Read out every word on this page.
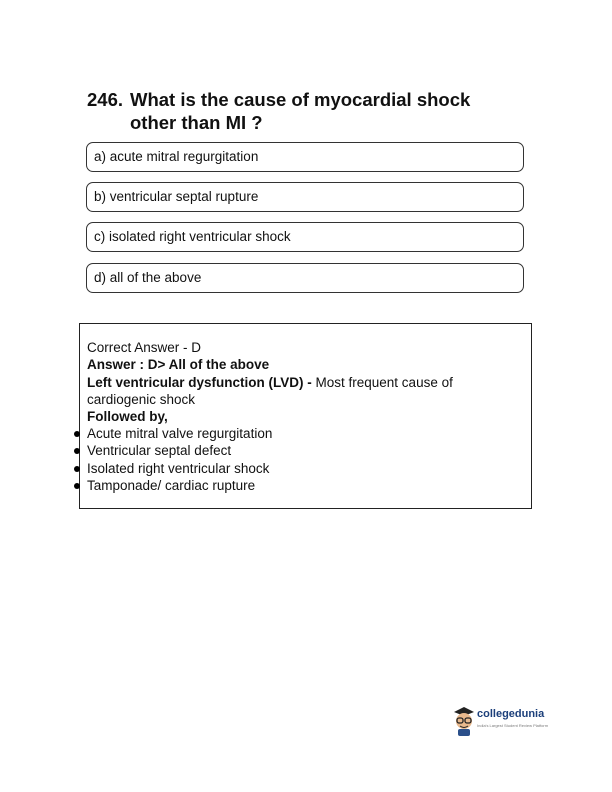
246. What is the cause of myocardial shock
other than MI ?
a) acute mitral regurgitation
b) ventricular septal rupture
c) isolated right ventricular shock
d) all of the above
Correct Answer - D
Answer : D> All of the above
Left ventricular dysfunction (LVD) - Most frequent cause of
cardiogenic shock
Followed by,
Acute mitral valve regurgitation
Ventricular septal defect
Isolated right ventricular shock
Tamponade/ cardiac rupture
collegedunia
India's Largest Student Review Platform
